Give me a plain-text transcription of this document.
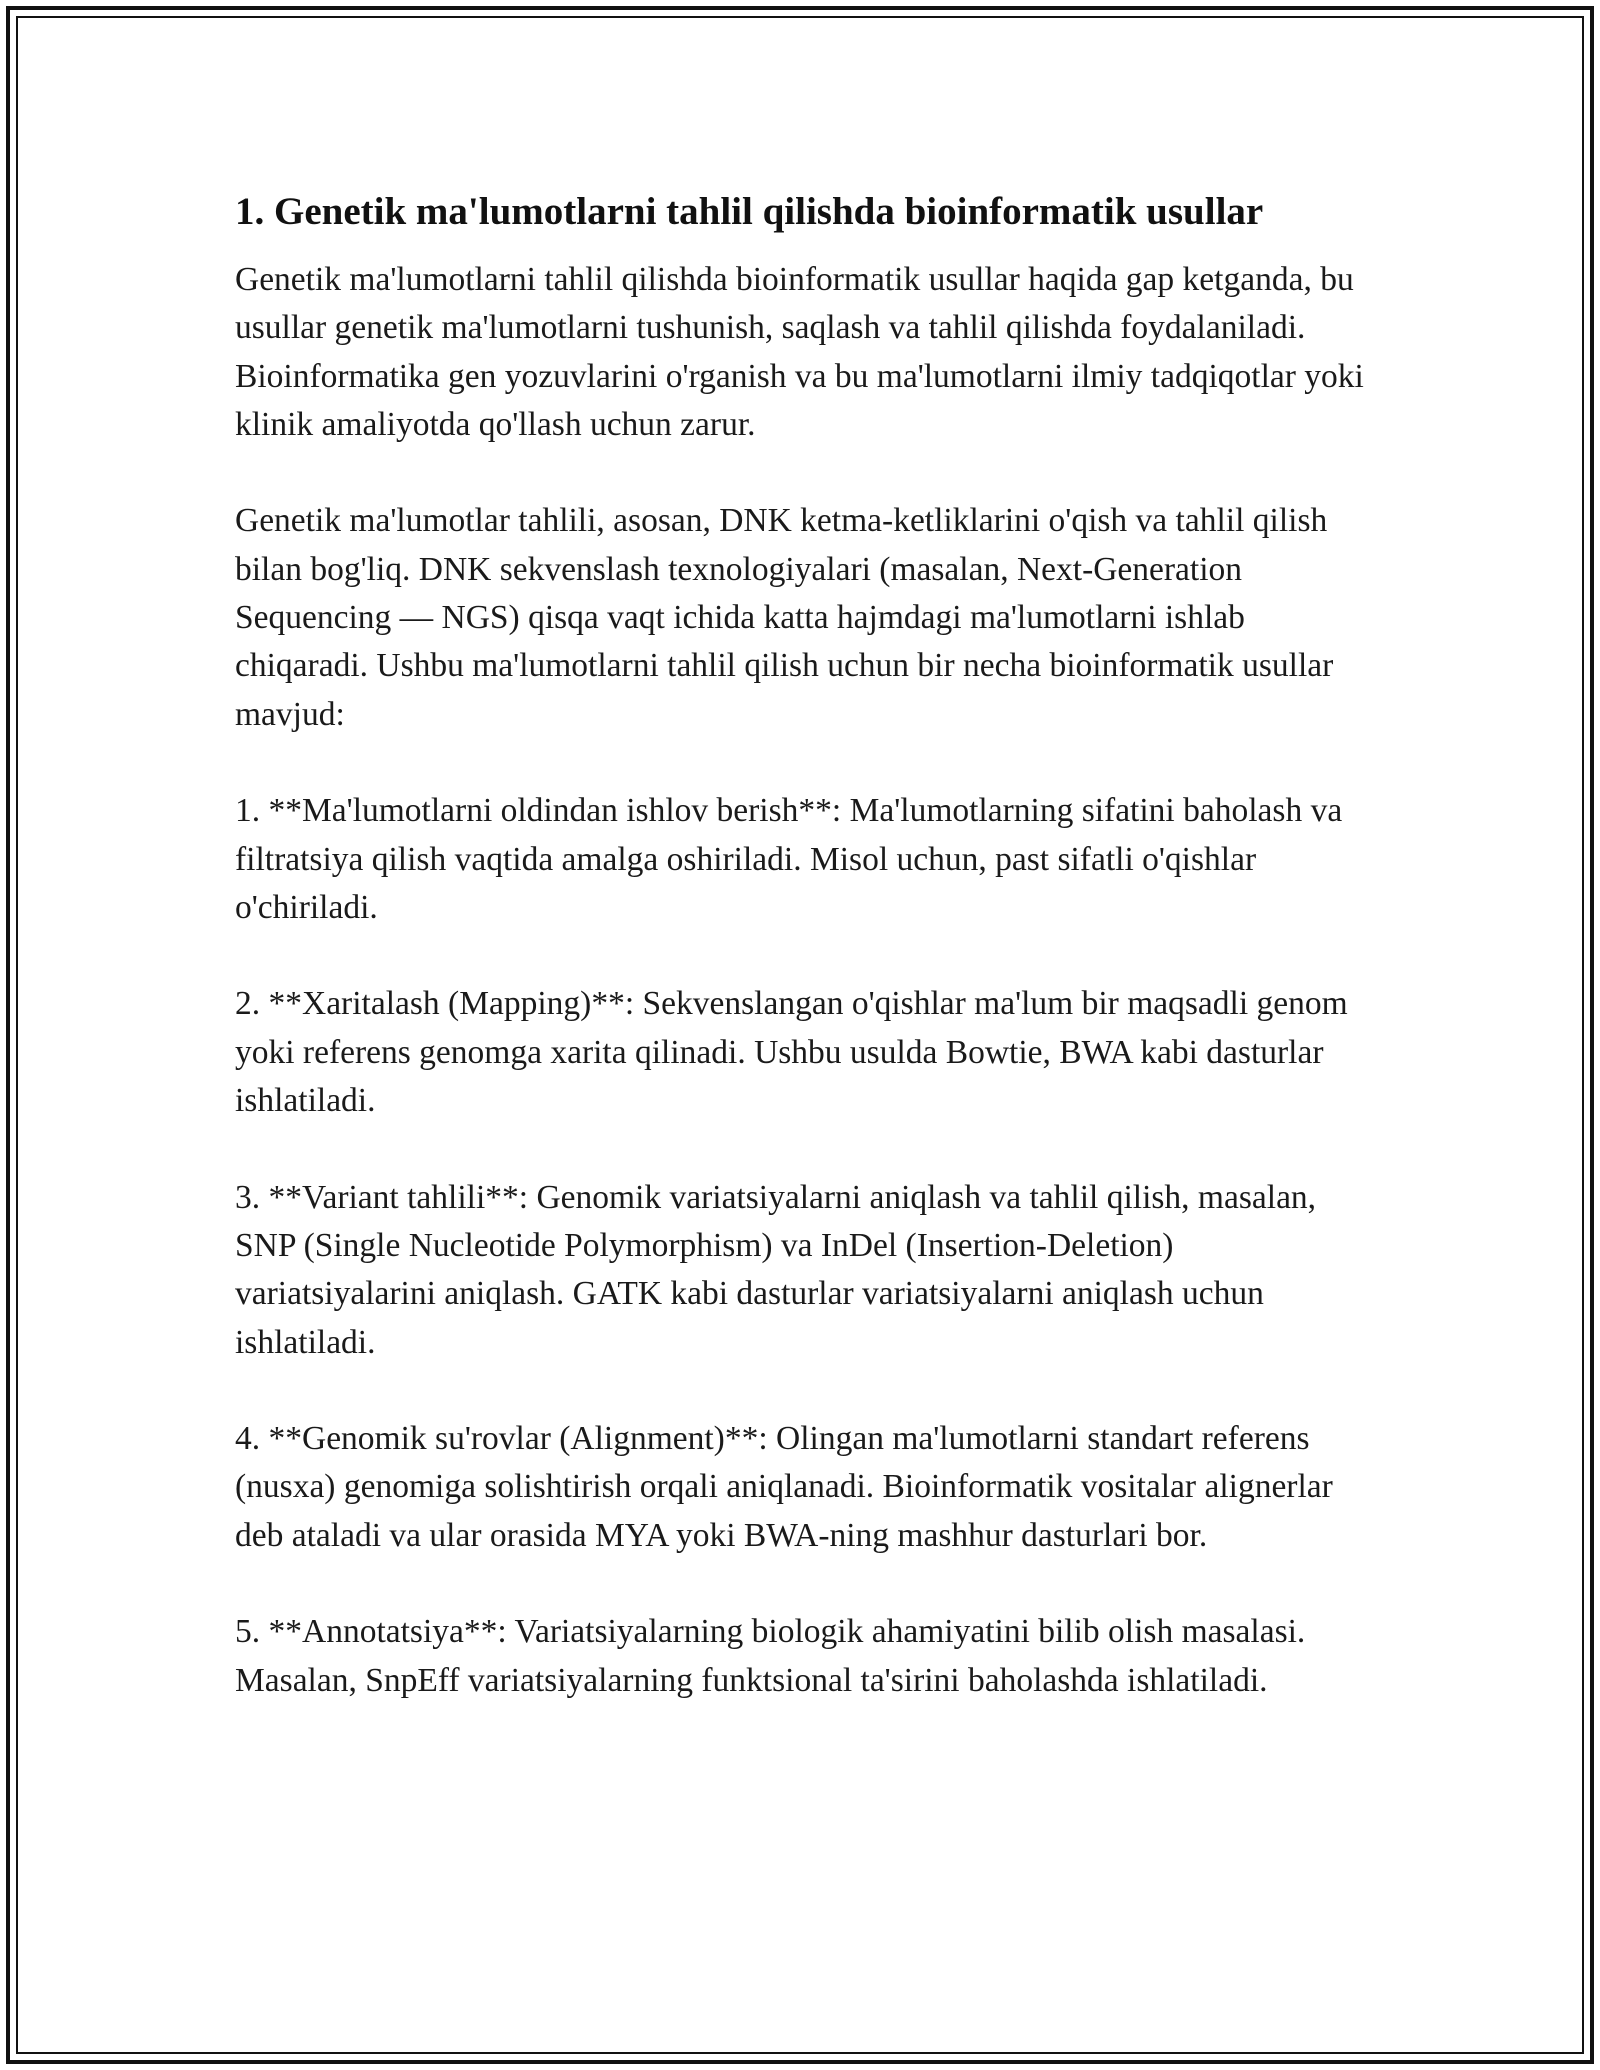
1. Genetik ma'lumotlarni tahlil qilishda bioinformatik usullar

Genetik ma'lumotlarni tahlil qilishda bioinformatik usullar haqida gap ketganda, bu usullar genetik ma'lumotlarni tushunish, saqlash va tahlil qilishda foydalaniladi. Bioinformatika gen yozuvlarini o'rganish va bu ma'lumotlarni ilmiy tadqiqotlar yoki klinik amaliyotda qo'llash uchun zarur.

Genetik ma'lumotlar tahlili, asosan, DNK ketma-ketliklarini o'qish va tahlil qilish bilan bog'liq. DNK sekvenslash texnologiyalari (masalan, Next-Generation Sequencing — NGS) qisqa vaqt ichida katta hajmdagi ma'lumotlarni ishlab chiqaradi. Ushbu ma'lumotlarni tahlil qilish uchun bir necha bioinformatik usullar mavjud:

1. **Ma'lumotlarni oldindan ishlov berish**: Ma'lumotlarning sifatini baholash va filtratsiya qilish vaqtida amalga oshiriladi. Misol uchun, past sifatli o'qishlar o'chiriladi.

2. **Xaritalash (Mapping)**: Sekvenslangan o'qishlar ma'lum bir maqsadli genom yoki referens genomga xarita qilinadi. Ushbu usulda Bowtie, BWA kabi dasturlar ishlatiladi.

3. **Variant tahlili**: Genomik variatsiyalarni aniqlash va tahlil qilish, masalan, SNP (Single Nucleotide Polymorphism) va InDel (Insertion-Deletion) variatsiyalarini aniqlash. GATK kabi dasturlar variatsiyalarni aniqlash uchun ishlatiladi.

4. **Genomik su'rovlar (Alignment)**: Olingan ma'lumotlarni standart referens (nusxa) genomiga solishtirish orqali aniqlanadi. Bioinformatik vositalar alignerlar deb ataladi va ular orasida MYA yoki BWA-ning mashhur dasturlari bor.

5. **Annotatsiya**: Variatsiyalarning biologik ahamiyatini bilib olish masalasi. Masalan, SnpEff variatsiyalarning funktsional ta'sirini baholashda ishlatiladi.
